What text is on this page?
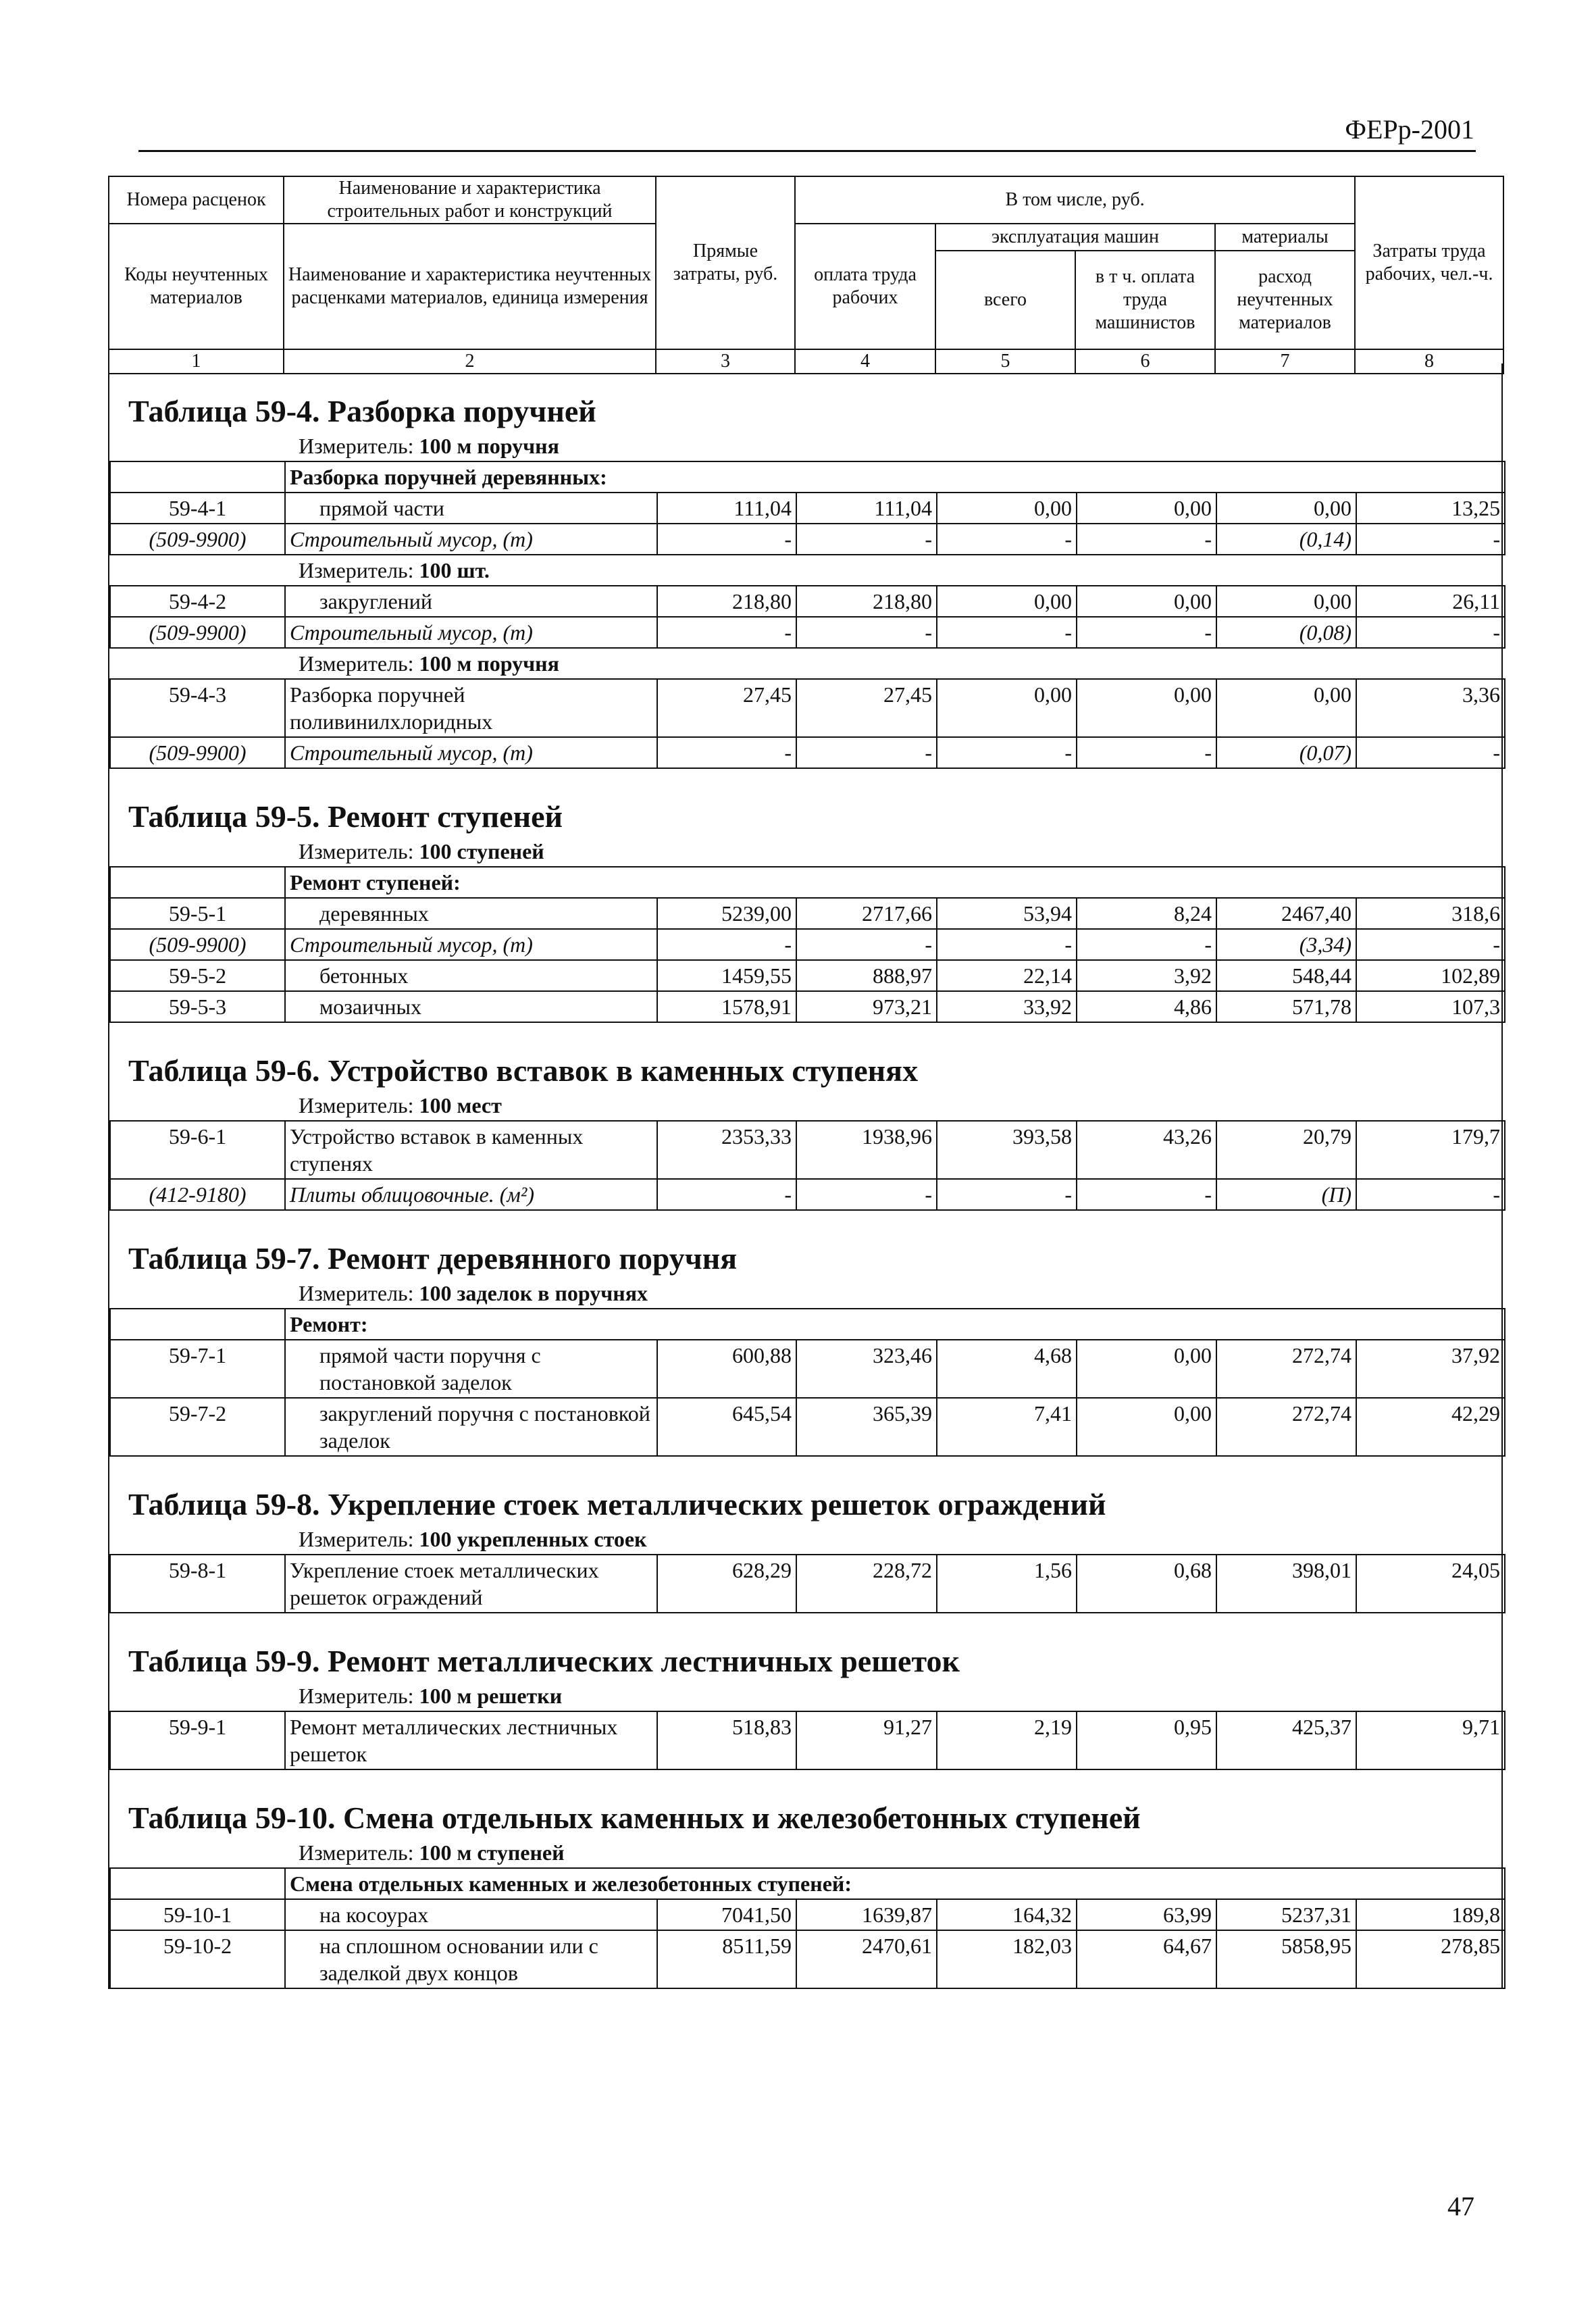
ФЕРр-2001
Номера расценок	Наименование и характеристика строительных работ и конструкций	Прямые затраты, руб.	В том числе, руб.				Затраты труда рабочих, чел.-ч.
Коды неучтенных материалов	Наименование и характеристика неучтенных расценками материалов, единица измерения		оплата труда рабочих	эксплуатация машин		материалы	
				всего	в т ч. оплата труда машинистов	расход неучтенных материалов	
1	2	3	4	5	6	7	8
Таблица 59-4. Разборка поручней
Измеритель: 100 м поручня
	Разборка поручней деревянных:						
59-4-1	прямой части	111,04	111,04	0,00	0,00	0,00	13,25
(509-9900)	Строительный мусор, (т)	-	-	-	-	(0,14)	-
Измеритель: 100 шт.
59-4-2	закруглений	218,80	218,80	0,00	0,00	0,00	26,11
(509-9900)	Строительный мусор, (т)	-	-	-	-	(0,08)	-
Измеритель: 100 м поручня
59-4-3	Разборка поручней поливинилхлоридных	27,45	27,45	0,00	0,00	0,00	3,36
(509-9900)	Строительный мусор, (т)	-	-	-	-	(0,07)	-
Таблица 59-5. Ремонт ступеней
Измеритель: 100 ступеней
	Ремонт ступеней:						
59-5-1	деревянных	5239,00	2717,66	53,94	8,24	2467,40	318,6
(509-9900)	Строительный мусор, (т)	-	-	-	-	(3,34)	-
59-5-2	бетонных	1459,55	888,97	22,14	3,92	548,44	102,89
59-5-3	мозаичных	1578,91	973,21	33,92	4,86	571,78	107,3
Таблица 59-6. Устройство вставок в каменных ступенях
Измеритель: 100 мест
59-6-1	Устройство вставок в каменных ступенях	2353,33	1938,96	393,58	43,26	20,79	179,7
(412-9180)	Плиты облицовочные. (м²)	-	-	-	-	(П)	-
Таблица 59-7. Ремонт деревянного поручня
Измеритель: 100 заделок в поручнях
	Ремонт:						
59-7-1	прямой части поручня с постановкой заделок	600,88	323,46	4,68	0,00	272,74	37,92
59-7-2	закруглений поручня с постановкой заделок	645,54	365,39	7,41	0,00	272,74	42,29
Таблица 59-8. Укрепление стоек металлических решеток ограждений
Измеритель: 100 укрепленных стоек
59-8-1	Укрепление стоек металлических решеток ограждений	628,29	228,72	1,56	0,68	398,01	24,05
Таблица 59-9. Ремонт металлических лестничных решеток
Измеритель: 100 м решетки
59-9-1	Ремонт металлических лестничных решеток	518,83	91,27	2,19	0,95	425,37	9,71
Таблица 59-10. Смена отдельных каменных и железобетонных ступеней
Измеритель: 100 м ступеней
	Смена отдельных каменных и железобетонных ступеней:						
59-10-1	на косоурах	7041,50	1639,87	164,32	63,99	5237,31	189,8
59-10-2	на сплошном основании или с заделкой двух концов	8511,59	2470,61	182,03	64,67	5858,95	278,85
47
